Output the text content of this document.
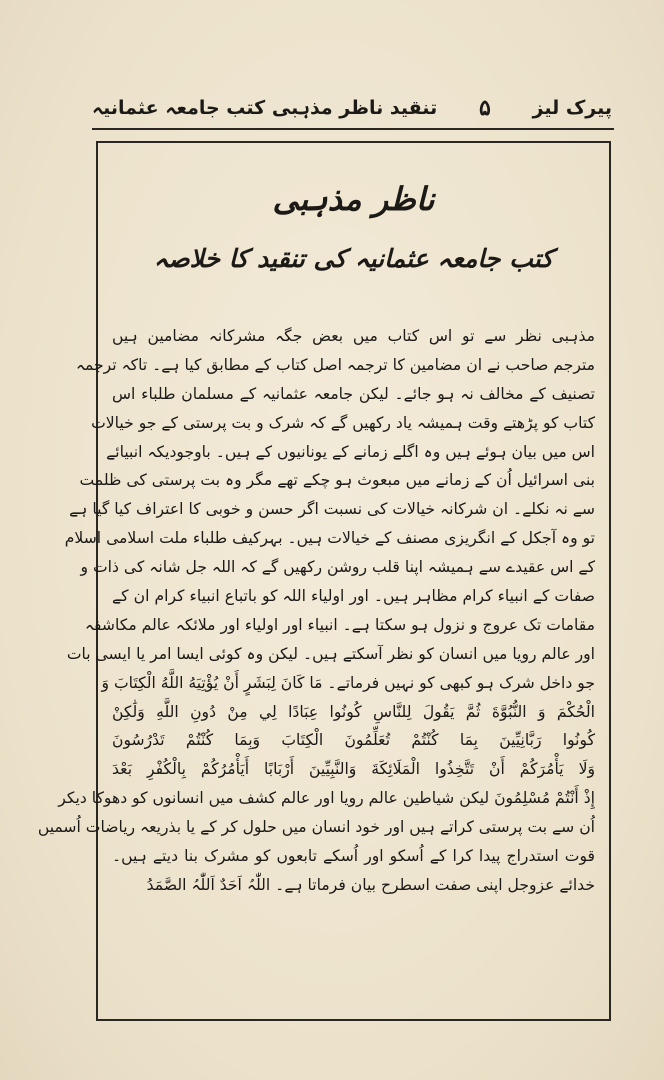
پیرک لیز
۵
تنقید ناظر مذہبی کتب جامعہ عثمانیہ
ناظر مذہبی
کتب جامعہ عثمانیہ کی تنقید کا خلاصہ
مذہبی نظر سے تو اس کتاب میں بعض جگہ مشرکانہ مضامین ہیں
مترجم صاحب نے ان مضامین کا ترجمہ اصل کتاب کے مطابق کیا ہے۔ تاکہ ترجمہ
تصنیف کے مخالف نہ ہو جائے۔ لیکن جامعہ عثمانیہ کے مسلمان طلباء اس
کتاب کو پڑھتے وقت ہمیشہ یاد رکھیں گے کہ شرک و بت پرستی کے جو خیالات
اس میں بیان ہوئے ہیں وہ اگلے زمانے کے یونانیوں کے ہیں۔ باوجودیکہ انبیائے
بنی اسرائیل اُن کے زمانے میں مبعوث ہو چکے تھے مگر وہ بت پرستی کی ظلمت
سے نہ نکلے۔ ان شرکانہ خیالات کی نسبت اگر حسن و خوبی کا اعتراف کیا گیا ہے
تو وہ آجکل کے انگریزی مصنف کے خیالات ہیں۔ بہرکیف طلباء ملت اسلامی اسلام
کے اس عقیدے سے ہمیشہ اپنا قلب روشن رکھیں گے کہ اللہ جل شانہ کی ذات و
صفات کے انبیاء کرام مظاہر ہیں۔ اور اولیاء اللہ کو باتباع انبیاء کرام ان کے
مقامات تک عروج و نزول ہو سکتا ہے۔ انبیاء اور اولیاء اور ملائکہ عالم مکاشفہ
اور عالم رویا میں انسان کو نظر آسکتے ہیں۔ لیکن وہ کوئی ایسا امر یا ایسی بات
جو داخل شرک ہو کبھی کو نہیں فرماتے۔ مَا كَانَ لِبَشَرٍ أَنْ يُؤْتِيَهُ اللَّهُ الْكِتَابَ وَ
الْحُكْمَ وَ النُّبُوَّةَ ثُمَّ يَقُولَ لِلنَّاسِ كُونُوا عِبَادًا لِي مِنْ دُونِ اللَّهِ وَلَٰكِنْ
كُونُوا رَبَّانِيِّينَ بِمَا كُنْتُمْ تُعَلِّمُونَ الْكِتَابَ وَبِمَا كُنْتُمْ تَدْرُسُونَ
وَلَا يَأْمُرَكُمْ أَنْ تَتَّخِذُوا الْمَلَائِكَةَ وَالنَّبِيِّينَ أَرْبَابًا أَيَأْمُرُكُمْ بِالْكُفْرِ بَعْدَ
إِذْ أَنْتُمْ مُسْلِمُونَ لیکن شیاطین عالم رویا اور عالم کشف میں انسانوں کو دھوکا دیکر
اُن سے بت پرستی کراتے ہیں اور خود انسان میں حلول کر کے یا بذریعہ ریاضات اُسمیں
قوت استدراج پیدا کرا کے اُسکو اور اُسکے تابعوں کو مشرک بنا دیتے ہیں۔
خدائے عزوجل اپنی صفت اسطرح بیان فرماتا ہے۔ اللّٰہُ اَحَدٌ اَللّٰہُ الصَّمَدُ
